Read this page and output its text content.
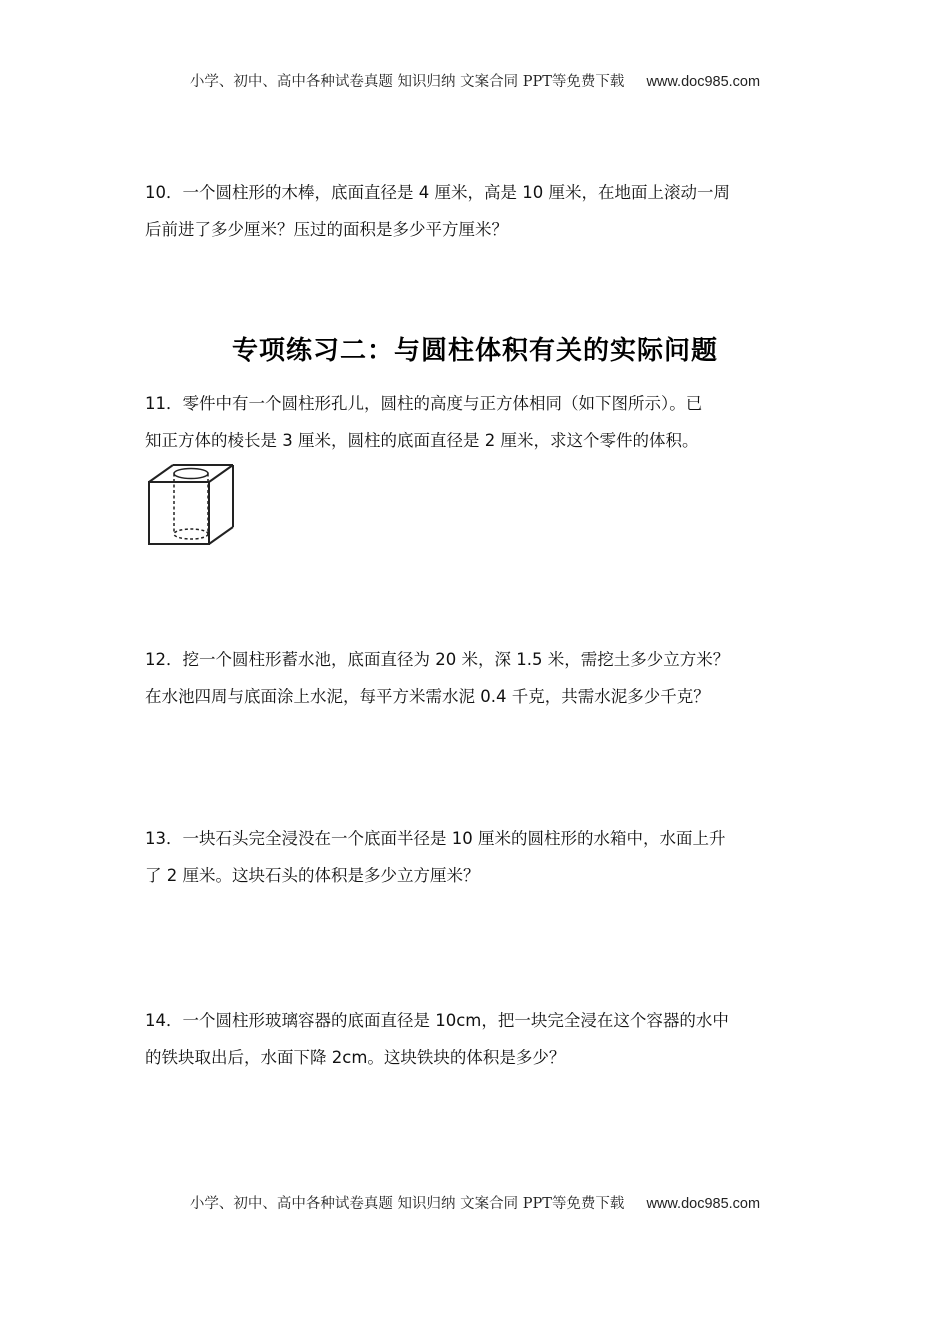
小学、初中、高中各种试卷真题 知识归纳 文案合同 PPT等免费下载 www.doc985.com
10．一个圆柱形的木棒，底面直径是 4 厘米，高是 10 厘米，在地面上滚动一周
后前进了多少厘米？压过的面积是多少平方厘米？
专项练习二：与圆柱体积有关的实际问题
11．零件中有一个圆柱形孔儿，圆柱的高度与正方体相同（如下图所示）。已
知正方体的棱长是 3 厘米，圆柱的底面直径是 2 厘米，求这个零件的体积。
12．挖一个圆柱形蓄水池，底面直径为 20 米，深 1.5 米，需挖土多少立方米？
在水池四周与底面涂上水泥，每平方米需水泥 0.4 千克，共需水泥多少千克？
13．一块石头完全浸没在一个底面半径是 10 厘米的圆柱形的水箱中，水面上升
了 2 厘米。这块石头的体积是多少立方厘米？
14．一个圆柱形玻璃容器的底面直径是 10cm，把一块完全浸在这个容器的水中
的铁块取出后，水面下降 2cm。这块铁块的体积是多少？
小学、初中、高中各种试卷真题 知识归纳 文案合同 PPT等免费下载 www.doc985.com
